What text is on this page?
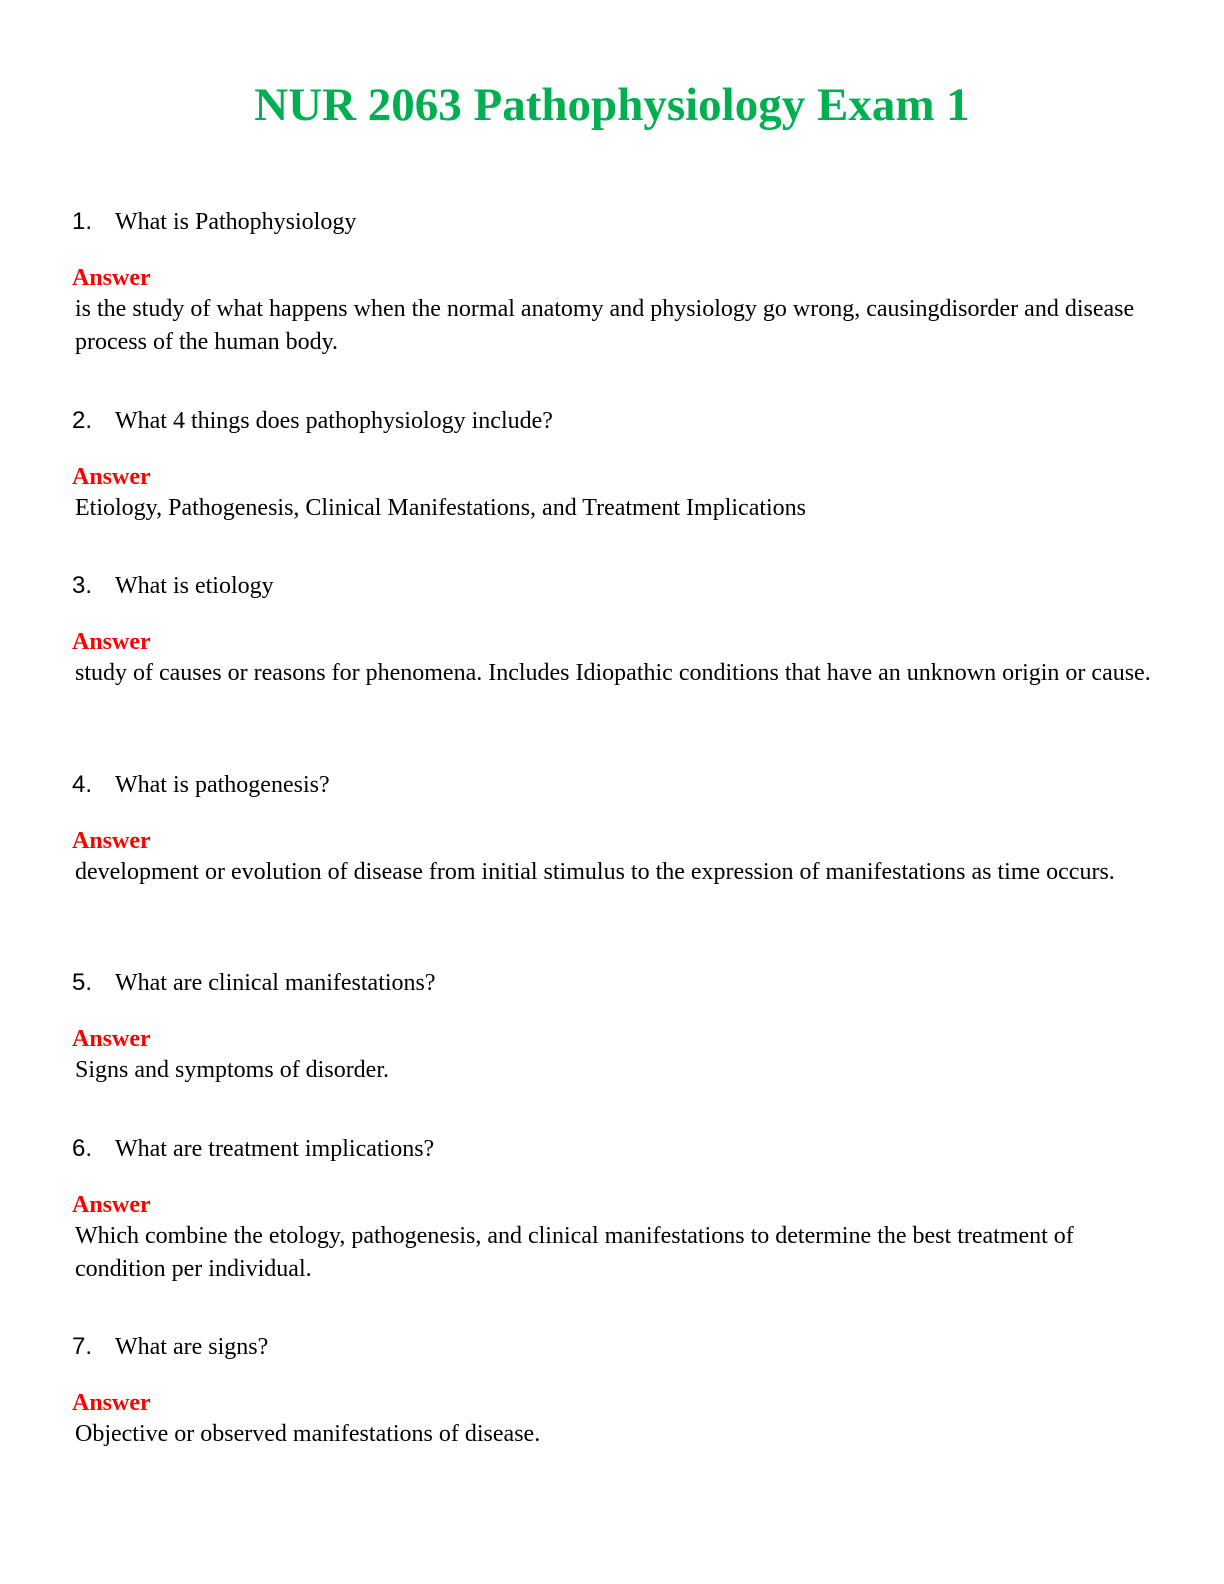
NUR 2063 Pathophysiology Exam 1
1. What is Pathophysiology
Answer
is the study of what happens when the normal anatomy and physiology go wrong, causingdisorder and disease process of the human body.
2. What 4 things does pathophysiology include?
Answer
Etiology, Pathogenesis, Clinical Manifestations, and Treatment Implications
3. What is etiology
Answer
study of causes or reasons for phenomena. Includes Idiopathic conditions that have an unknown origin or cause.
4. What is pathogenesis?
Answer
development or evolution of disease from initial stimulus to the expression of manifestations as time occurs.
5. What are clinical manifestations?
Answer
Signs and symptoms of disorder.
6. What are treatment implications?
Answer
Which combine the etology, pathogenesis, and clinical manifestations to determine the best treatment of condition per individual.
7. What are signs?
Answer
Objective or observed manifestations of disease.
